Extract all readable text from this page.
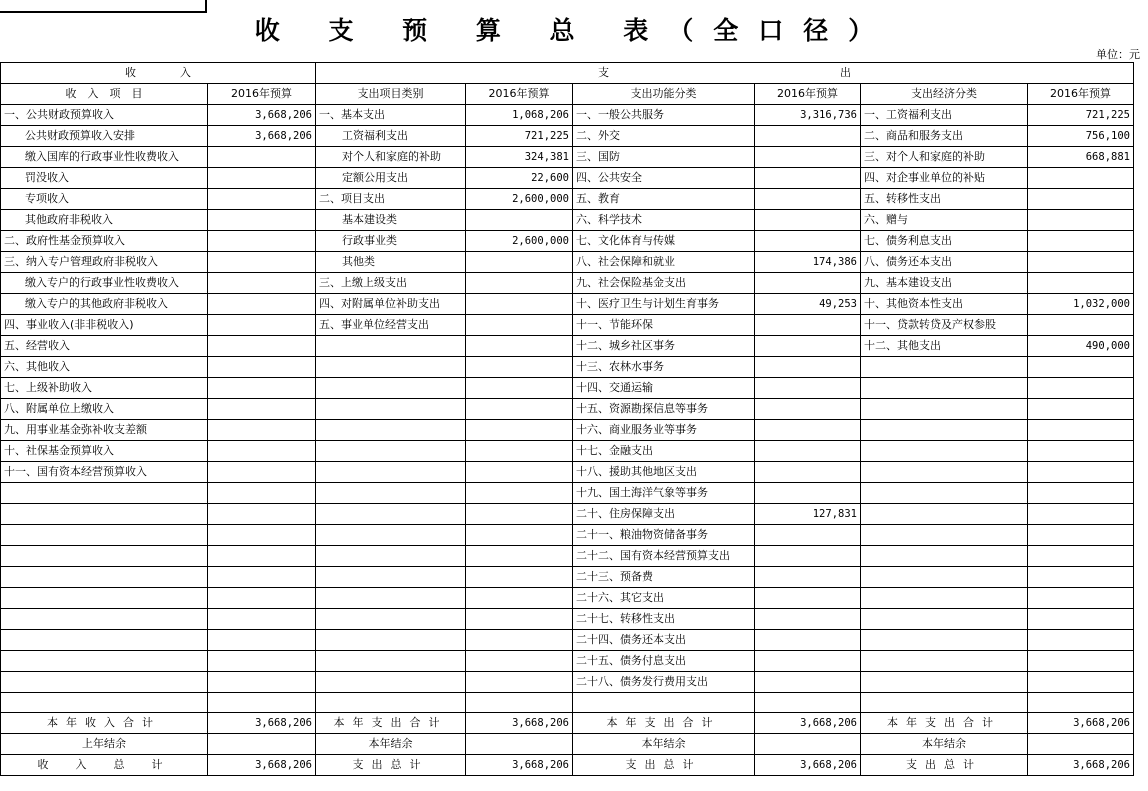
收 支 预 算 总 表（全口径）
单位：元
收　　　　入		支　　　　　　　　　　　　　　　　　　　　　出					
收　入　项　目	2016年预算	支出项目类别	2016年预算	支出功能分类	2016年预算	支出经济分类	2016年预算
一、公共财政预算收入	3,668,206	一、基本支出	1,068,206	一、一般公共服务	3,316,736	一、工资福利支出	721,225
公共财政预算收入安排	3,668,206	工资福利支出	721,225	二、外交		二、商品和服务支出	756,100
缴入国库的行政事业性收费收入		对个人和家庭的补助	324,381	三、国防		三、对个人和家庭的补助	668,881
罚没收入		定额公用支出	22,600	四、公共安全		四、对企事业单位的补贴	
专项收入		二、项目支出	2,600,000	五、教育		五、转移性支出	
其他政府非税收入		基本建设类		六、科学技术		六、赠与	
二、政府性基金预算收入		行政事业类	2,600,000	七、文化体育与传媒		七、债务利息支出	
三、纳入专户管理政府非税收入		其他类		八、社会保障和就业	174,386	八、债务还本支出	
缴入专户的行政事业性收费收入		三、上缴上级支出		九、社会保险基金支出		九、基本建设支出	
缴入专户的其他政府非税收入		四、对附属单位补助支出		十、医疗卫生与计划生育事务	49,253	十、其他资本性支出	1,032,000
四、事业收入(非非税收入)		五、事业单位经营支出		十一、节能环保		十一、贷款转贷及产权参股	
五、经营收入				十二、城乡社区事务		十二、其他支出	490,000
六、其他收入				十三、农林水事务			
七、上级补助收入				十四、交通运输			
八、附属单位上缴收入				十五、资源勘探信息等事务			
九、用事业基金弥补收支差额				十六、商业服务业等事务			
十、社保基金预算收入				十七、金融支出			
十一、国有资本经营预算收入				十八、援助其他地区支出			
				十九、国土海洋气象等事务			
				二十、住房保障支出	127,831		
				二十一、粮油物资储备事务			
				二十二、国有资本经营预算支出			
				二十三、预备费			
				二十六、其它支出			
				二十七、转移性支出			
				二十四、债务还本支出			
				二十五、债务付息支出			
				二十八、债务发行费用支出			

本年收入合计	3,668,206	本年支出合计	3,668,206	本年支出合计	3,668,206	本年支出合计	3,668,206
上年结余		本年结余		本年结余		本年结余	
收　入　总　计	3,668,206	支出总计	3,668,206	支出总计	3,668,206	支出总计	3,668,206
